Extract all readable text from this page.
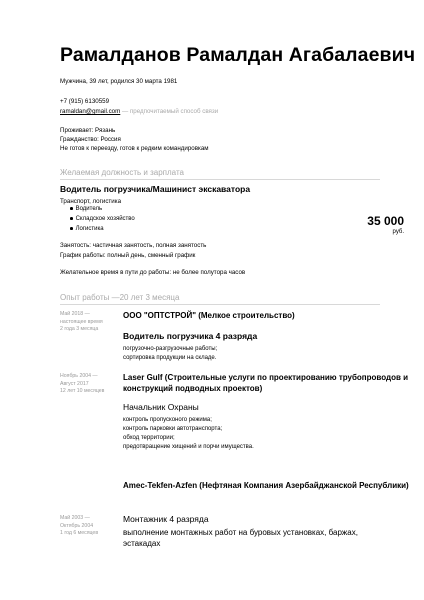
Рамалданов Рамалдан Агабалаевич
Мужчина, 39 лет, родился 30 марта 1981
+7 (915) 6130559
ramaldan@gmail.com — предпочитаемый способ связи
Проживает: Рязань
Гражданство: Россия
Не готов к переезду, готов к редким командировкам
Желаемая должность и зарплата
Водитель погрузчика/Машинист экскаватора
Транспорт, логистика
Водитель
Складское хозяйство
Логистика
35 000
руб.
Занятость: частичная занятость, полная занятость
График работы: полный день, сменный график
Желательное время в пути до работы: не более полутора часов
Опыт работы —20 лет 3 месяца
Май 2018 —
настоящее время
2 года 3 месяца
ООО "ОПТСТРОЙ" (Мелкое строительство)
Водитель погрузчика 4 разряда
погрузочно-разгрузочные работы;
сортировка продукции на складе.
Ноябрь 2004 —
Август 2017
12 лет 10 месяцев
Laser Gulf (Строительные услуги по проектированию трубопроводов и конструкций подводных проектов)
Начальник Охраны
контроль пропусконого режима;
контроль парковки автотранспорта;
обход территории;
предотвращение хищений и порчи имущества.
Amec-Tekfen-Azfen (Нефтяная Компания Азербайджанской Республики)
Май 2003 —
Октябрь 2004
1 год 6 месяцев
Монтажник 4 разряда
выполнение монтажных работ на буровых установках, баржах, эстакадах
